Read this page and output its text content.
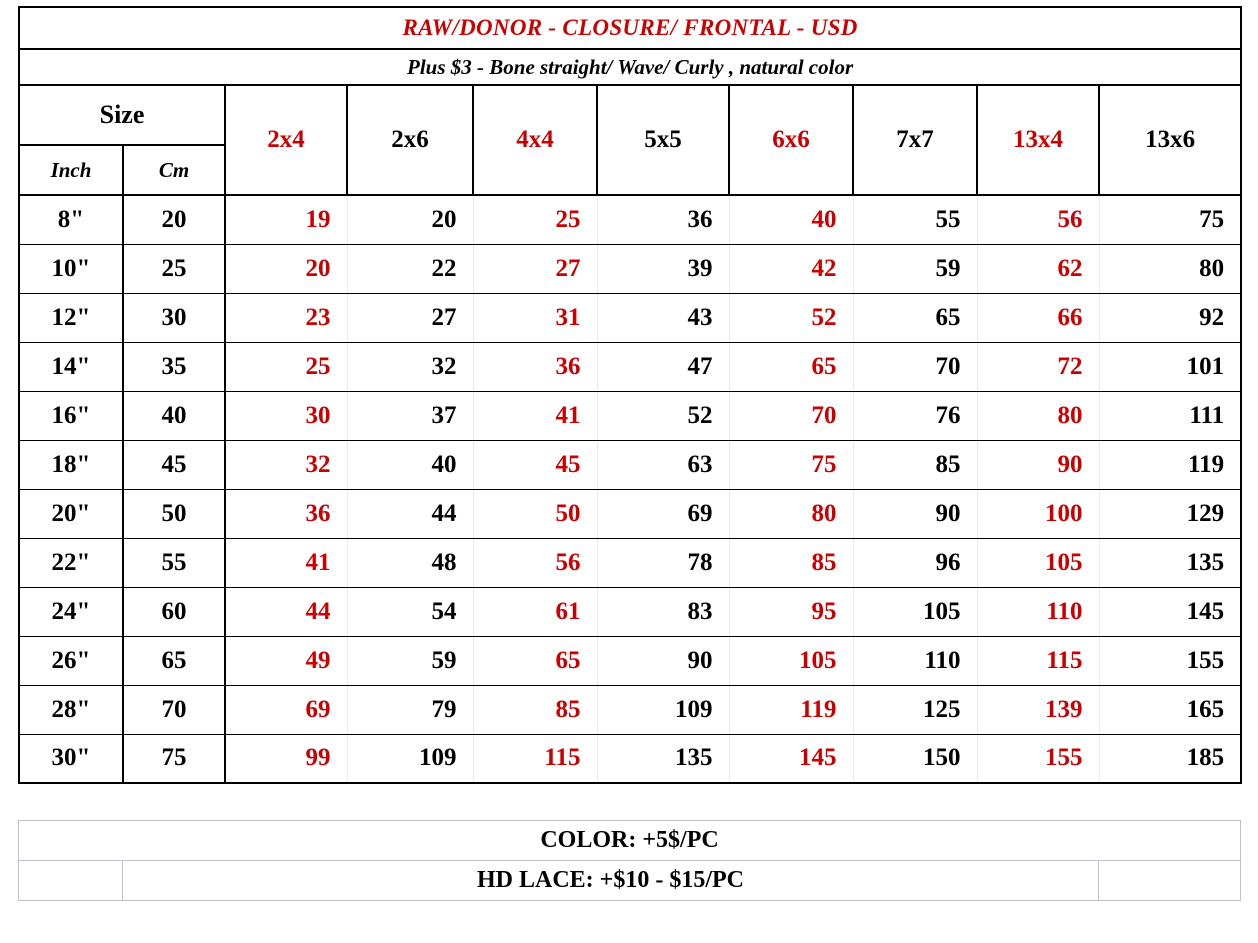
RAW/DONOR - CLOSURE/ FRONTAL - USD									
Plus $3 - Bone straight/ Wave/ Curly , natural color									
Size		2x4	2x6	4x4	5x5	6x6	7x7	13x4	13x6
Inch	Cm								
8"	20	19	20	25	36	40	55	56	75
10"	25	20	22	27	39	42	59	62	80
12"	30	23	27	31	43	52	65	66	92
14"	35	25	32	36	47	65	70	72	101
16"	40	30	37	41	52	70	76	80	111
18"	45	32	40	45	63	75	85	90	119
20"	50	36	44	50	69	80	90	100	129
22"	55	41	48	56	78	85	96	105	135
24"	60	44	54	61	83	95	105	110	145
26"	65	49	59	65	90	105	110	115	155
28"	70	69	79	85	109	119	125	139	165
30"	75	99	109	115	135	145	150	155	185
COLOR: +5$/PC
	HD LACE: +$10 - $15/PC	
